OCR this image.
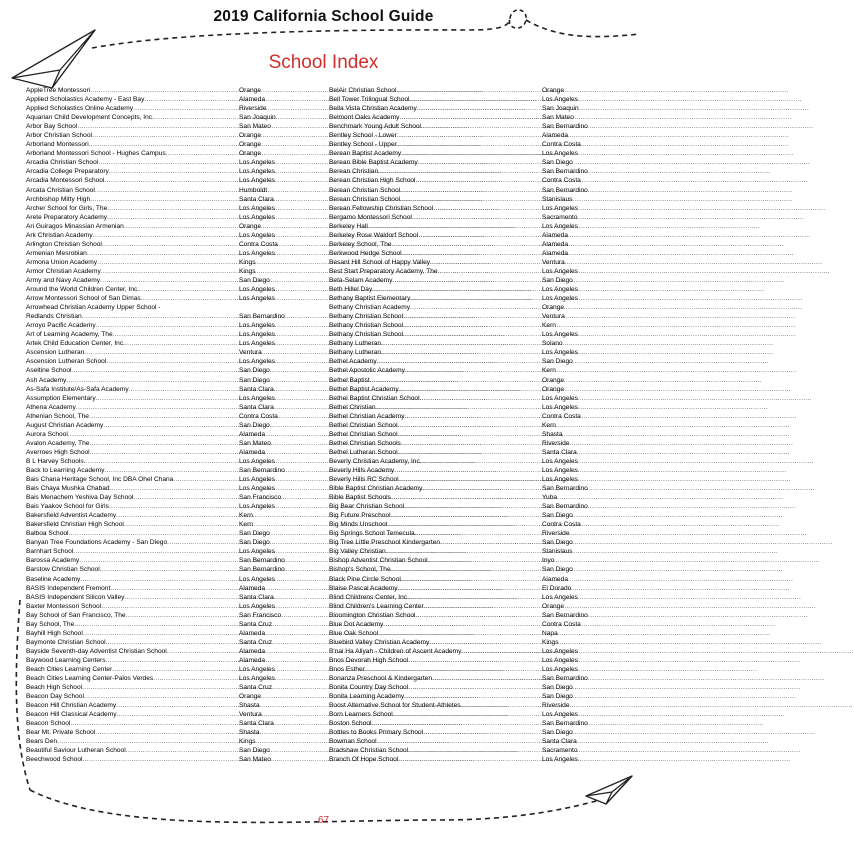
2019 California School Guide
School Index
AppleTree Montessori .....	Orange
Applied Scholastics Academy - East Bay .....	Alameda
Applied Scholastics Online Academy .....	Riverside
Aquarian Child Development Concepts, Inc. .....	San Joaquin
Arbor Bay School .....	San Mateo
Arbor Christian School .....	Orange
Arborland Montessori .....	Orange
Arborland Montessori School - Hughes Campus .....	Orange
Arcadia Christian School .....	Los Angeles
Arcadia College Preparatory .....	Los Angeles
Arcadia Montessori School .....	Los Angeles
Arcata Christian School .....	Humboldt
Archbishop Mitty High .....	Santa Clara
Archer School for Girls, The .....	Los Angeles
Arete Preparatory Academy .....	Los Angeles
Ari Guiragos Minassian Armenian .....	Orange
Ark Christian Academy .....	Los Angeles
Arlington Christian School .....	Contra Costa
Armenian Mesrobian .....	Los Angeles
Armona Union Academy .....	Kings
Armor Christian Academy .....	Kings
Army and Navy Academy .....	San Diego
Around the World Children Center, Inc. .....	Los Angeles
Arrow Montessori School of San Dimas .....	Los Angeles
Arrowhead Christian Academy Upper School -
Redlands Christian .....	San Bernardino
Arroyo Pacific Academy .....	Los Angeles
Art of Learning Academy, The .....	Los Angeles
Artek Child Education Center, Inc. .....	Los Angeles
Ascension Lutheran .....	Ventura
Ascension Lutheran School .....	Los Angeles
Aseltine School .....	San Diego
Ash Academy .....	San Diego
As-Safa Institute/As-Safa Academy .....	Santa Clara
Assumption Elementary .....	Los Angeles
Athena Academy .....	Santa Clara
Athenian School, The .....	Contra Costa
August Christian Academy .....	San Diego
Aurora School .....	Alameda
Avalon Academy, The .....	San Mateo
Averroes High School .....	Alameda
B L Harvey Schools .....	Los Angeles
Back to Learning Academy .....	San Bernardino
Bais Chana Heritage School, Inc DBA Ohel Chana .....	Los Angeles
Bais Chaya Mushka Chabad .....	Los Angeles
Bais Menachem Yeshiva Day School .....	San Francisco
Bais Yaakov School for Girls .....	Los Angeles
Bakersfield Adventist Academy .....	Kern
Bakersfield Christian High School .....	Kern
Balboa School .....	San Diego
Banyan Tree Foundations Academy - San Diego .....	San Diego
Barnhart School .....	Los Angeles
Barossa Academy .....	San Bernardino
Barstow Christian School .....	San Bernardino
Baseline Academy .....	Los Angeles
BASIS Independent Fremont .....	Alameda
BASIS Independent Silicon Valley .....	Santa Clara
Baxter Montessori School .....	Los Angeles
Bay School of San Francisco, The .....	San Francisco
Bay School, The .....	Santa Cruz
Bayhill High School .....	Alameda
Baymonte Christian School .....	Santa Cruz
Bayside Seventh-day Adventist Christian School .....	Alameda
Baywood Learning Centers .....	Alameda
Beach Cities Learning Center .....	Los Angeles
Beach Cities Learning Center-Palos Verdes .....	Los Angeles
Beach High School .....	Santa Cruz
Beacon Day School .....	Orange
Beacon Hill Christian Academy .....	Shasta
Beacon Hill Classical Academy .....	Ventura
Beacon School .....	Santa Clara
Bear Mt. Private School .....	Shasta
Bears Den .....	Kings
Beautiful Saviour Lutheran School .....	San Diego
Beechwood School .....	San Mateo
BelAir Christian School .....	Orange
Bell Tower Trilingual School .....	Los Angeles
Bella Vista Christian Academy .....	San Joaquin
Belmont Oaks Academy .....	San Mateo
Benchmark Young Adult School .....	San Bernardino
Bentley School - Lower .....	Alameda
Bentley School - Upper .....	Contra Costa
Berean Baptist Academy .....	Los Angeles
Berean Bible Baptist Academy .....	San Diego
Berean Christian .....	San Bernardino
Berean Christian High School .....	Contra Costa
Berean Christian School .....	San Bernardino
Berean Christian School .....	Stanislaus
Berean Fellowship Christian School .....	Los Angeles
Bergamo Montessori School .....	Sacramento
Berkeley Hall .....	Los Angeles
Berkeley Rose Waldorf School .....	Alameda
Berkeley School, The .....	Alameda
Berkwood Hedge School .....	Alameda
Besant Hill School of Happy Valley .....	Ventura
Best Start Preparatory Academy, The .....	Los Angeles
Beta-Selam Academy .....	San Diego
Beth Hillel Day .....	Los Angeles
Bethany Baptist Elementary .....	Los Angeles
Bethany Christian Academy .....	Orange
Bethany Christian School .....	Ventura
Bethany Christian School .....	Kern
Bethany Christian School .....	Los Angeles
Bethany Lutheran .....	Solano
Bethany Lutheran .....	Los Angeles
Bethel Academy .....	San Diego
Bethel Apostolic Academy .....	Kern
Bethel Baptist .....	Orange
Bethel Baptist Academy .....	Orange
Bethel Baptist Christian School .....	Los Angeles
Bethel Christian .....	Los Angeles
Bethel Christian Academy .....	Contra Costa
Bethel Christian School .....	Kern
Bethel Christian School .....	Shasta
Bethel Christian Schools .....	Riverside
Bethel Lutheran School .....	Santa Clara
Beverly Christian Academy, Inc. .....	Los Angeles
Beverly Hills Academy .....	Los Angeles
Beverly Hills RC School .....	Los Angeles
Bible Baptist Christian Academy .....	San Bernardino
Bible Baptist Schools .....	Yuba
Big Bear Christian School .....	San Bernardino
Big Future Preschool .....	San Diego
Big Minds Unschool .....	Contra Costa
Big Springs School Temecula .....	Riverside
Big Tree Little Preschool Kindergarten .....	San Diego
Big Valley Christian .....	Stanislaus
Bishop Adventist Christian School .....	Inyo
Bishop's School, The .....	San Diego
Black Pine Circle School .....	Alameda
Blaise Pascal Academy .....	El Dorado
Blind Childrens Center, Inc. .....	Los Angeles
Blind Children's Learning Center .....	Orange
Bloomington Christian School .....	San Bernardino
Blue Dot Academy .....	Contra Costa
Blue Oak School .....	Napa
Bluebird Valley Christian Academy .....	Kings
B'nai Ha Aliyah - Children of Ascent Academy .....	Los Angeles
Bnos Devorah High School .....	Los Angeles
Bnos Esther .....	Los Angeles
Bonanza Preschool & Kindergarten .....	San Bernardino
Bonita Country Day School .....	San Diego
Bonita Learning Academy .....	San Diego
Boost Alternative School for Student-Athletes .....	Riverside
Born Learners School .....	Los Angeles
Boston School .....	San Bernardino
Bottles to Books Primary School .....	San Diego
Bowman School .....	Santa Clara
Bradshaw Christian School .....	Sacramento
Branch Of Hope School .....	Los Angeles
67
